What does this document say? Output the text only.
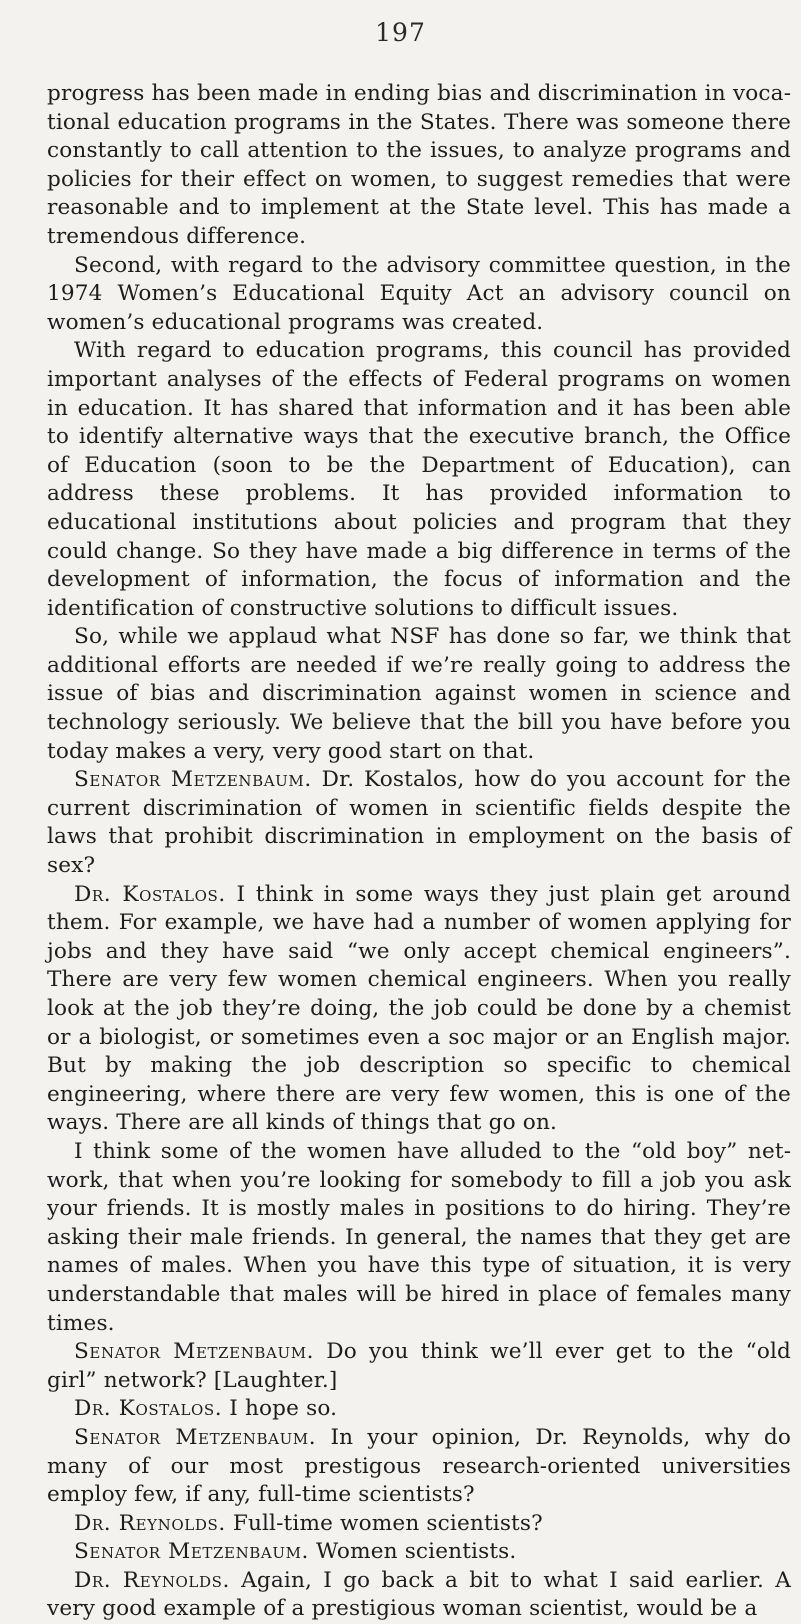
197

progress has been made in ending bias and discrimination in vocational education programs in the States. There was someone there constantly to call attention to the issues, to analyze programs and policies for their effect on women, to suggest remedies that were reasonable and to implement at the State level. This has made a tremendous difference.

Second, with regard to the advisory committee question, in the 1974 Women’s Educational Equity Act an advisory council on women’s educational programs was created.

With regard to education programs, this council has provided important analyses of the effects of Federal programs on women in education. It has shared that information and it has been able to identify alternative ways that the executive branch, the Office of Education (soon to be the Department of Education), can address these problems. It has provided information to educational institutions about policies and program that they could change. So they have made a big difference in terms of the development of information, the focus of information and the identification of constructive solutions to difficult issues.

So, while we applaud what NSF has done so far, we think that additional efforts are needed if we’re really going to address the issue of bias and discrimination against women in science and technology seriously. We believe that the bill you have before you today makes a very, very good start on that.

Senator Metzenbaum. Dr. Kostalos, how do you account for the current discrimination of women in scientific fields despite the laws that prohibit discrimination in employment on the basis of sex?

Dr. Kostalos. I think in some ways they just plain get around them. For example, we have had a number of women applying for jobs and they have said “we only accept chemical engineers”. There are very few women chemical engineers. When you really look at the job they’re doing, the job could be done by a chemist or a biologist, or sometimes even a soc major or an English major. But by making the job description so specific to chemical engineering, where there are very few women, this is one of the ways. There are all kinds of things that go on.

I think some of the women have alluded to the “old boy” network, that when you’re looking for somebody to fill a job you ask your friends. It is mostly males in positions to do hiring. They’re asking their male friends. In general, the names that they get are names of males. When you have this type of situation, it is very understandable that males will be hired in place of females many times.

Senator Metzenbaum. Do you think we’ll ever get to the “old girl” network? [Laughter.]

Dr. Kostalos. I hope so.

Senator Metzenbaum. In your opinion, Dr. Reynolds, why do many of our most prestigous research-oriented universities employ few, if any, full-time scientists?

Dr. Reynolds. Full-time women scientists?

Senator Metzenbaum. Women scientists.

Dr. Reynolds. Again, I go back a bit to what I said earlier. A very good example of a prestigious woman scientist, would be a
